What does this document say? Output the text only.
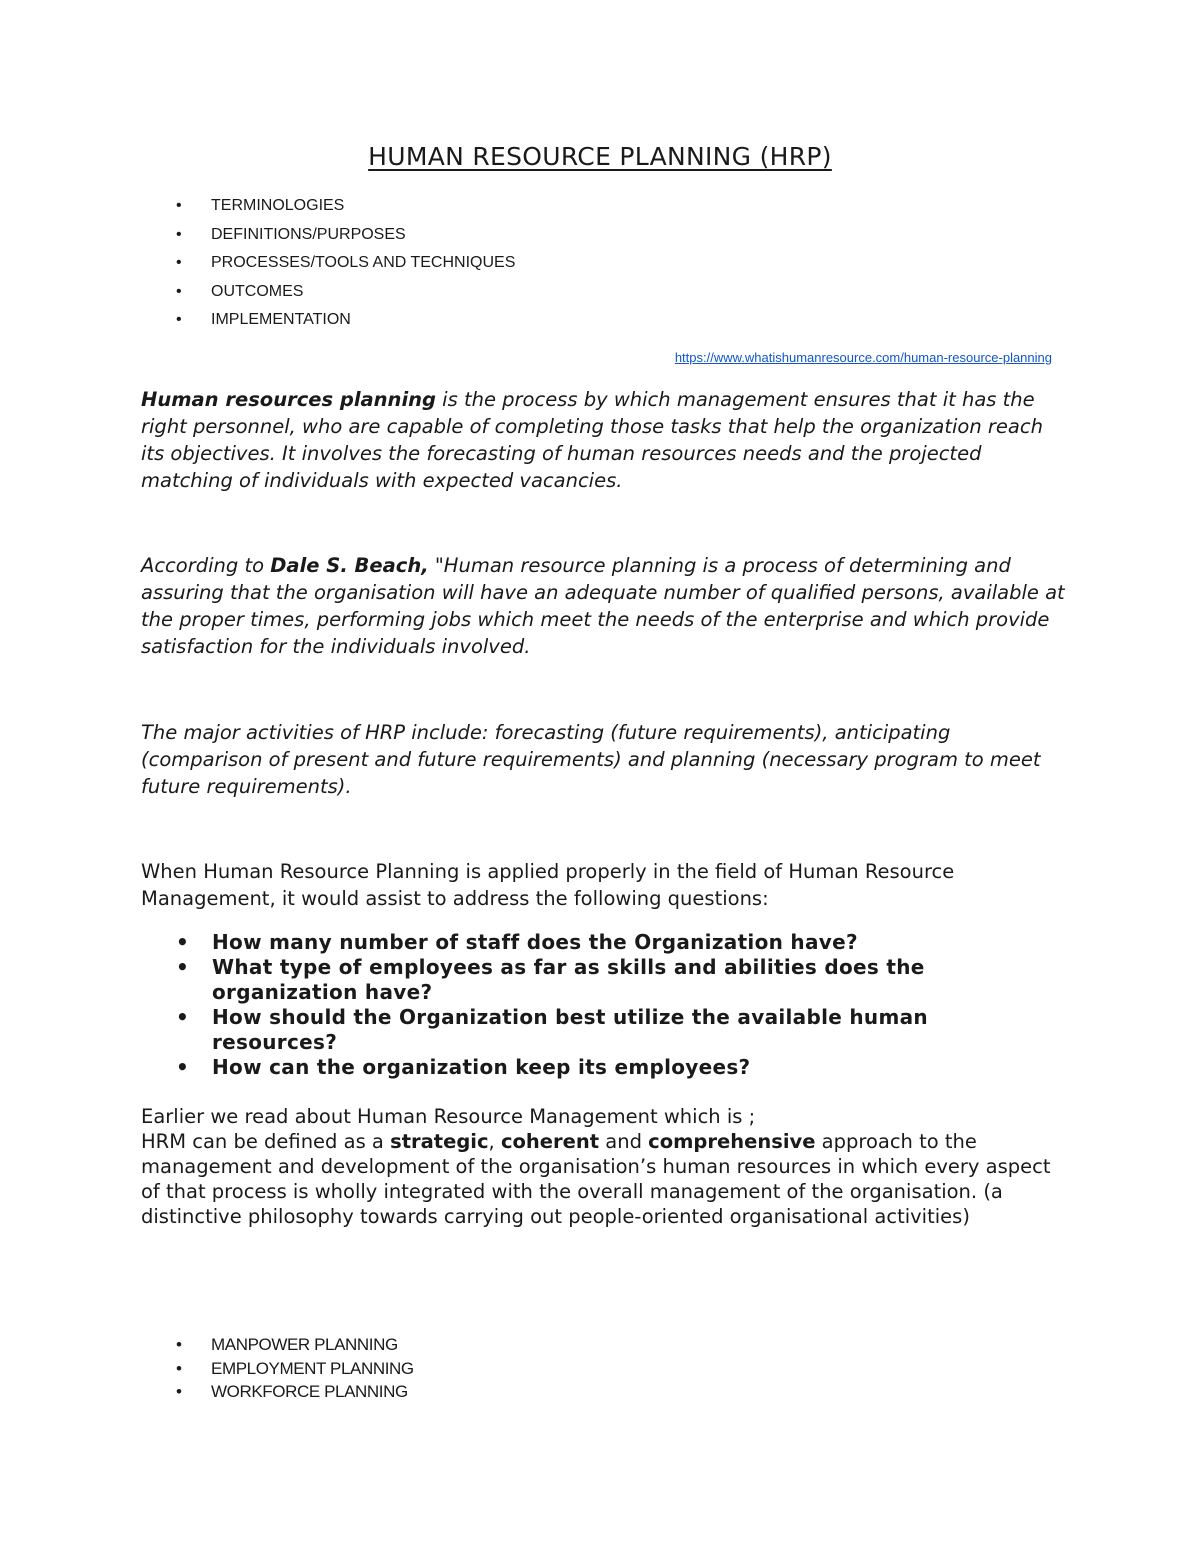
HUMAN RESOURCE PLANNING (HRP)
• TERMINOLOGIES
• DEFINITIONS/PURPOSES
• PROCESSES/TOOLS AND TECHNIQUES
• OUTCOMES
• IMPLEMENTATION
https://www.whatishumanresource.com/human-resource-planning
Human resources planning is the process by which management ensures that it has the right personnel, who are capable of completing those tasks that help the organization reach its objectives. It involves the forecasting of human resources needs and the projected matching of individuals with expected vacancies.
According to Dale S. Beach, "Human resource planning is a process of determining and assuring that the organisation will have an adequate number of qualified persons, available at the proper times, performing jobs which meet the needs of the enterprise and which provide satisfaction for the individuals involved.
The major activities of HRP include: forecasting (future requirements), anticipating (comparison of present and future requirements) and planning (necessary program to meet future requirements).
When Human Resource Planning is applied properly in the field of Human Resource Management, it would assist to address the following questions:
• How many number of staff does the Organization have?
• What type of employees as far as skills and abilities does the organization have?
• How should the Organization best utilize the available human resources?
• How can the organization keep its employees?
Earlier we read about Human Resource Management which is ;
HRM can be defined as a strategic, coherent and comprehensive approach to the management and development of the organisation’s human resources in which every aspect of that process is wholly integrated with the overall management of the organisation. (a distinctive philosophy towards carrying out people-oriented organisational activities)
• MANPOWER PLANNING
• EMPLOYMENT PLANNING
• WORKFORCE PLANNING
